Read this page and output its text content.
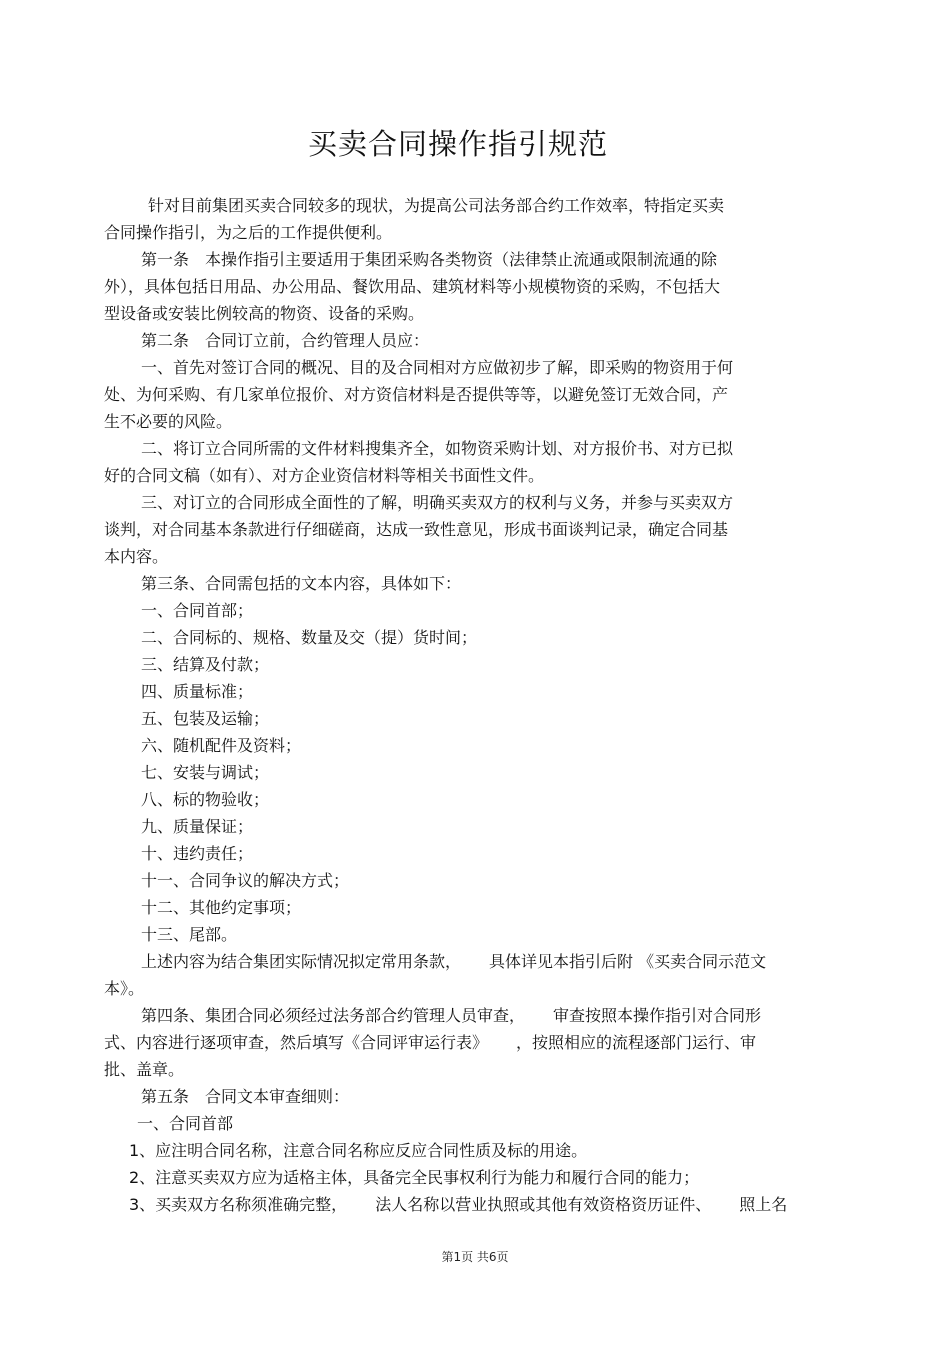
买卖合同操作指引规范
针对目前集团买卖合同较多的现状，为提高公司法务部合约工作效率，特指定买卖
合同操作指引，为之后的工作提供便利。
第一条　本操作指引主要适用于集团采购各类物资（法律禁止流通或限制流通的除
外），具体包括日用品、办公用品、餐饮用品、建筑材料等小规模物资的采购，不包括大
型设备或安装比例较高的物资、设备的采购。
第二条　合同订立前，合约管理人员应：
一、首先对签订合同的概况、目的及合同相对方应做初步了解，即采购的物资用于何
处、为何采购、有几家单位报价、对方资信材料是否提供等等，以避免签订无效合同，产
生不必要的风险。
二、将订立合同所需的文件材料搜集齐全，如物资采购计划、对方报价书、对方已拟
好的合同文稿（如有）、对方企业资信材料等相关书面性文件。
三、对订立的合同形成全面性的了解，明确买卖双方的权利与义务，并参与买卖双方
谈判，对合同基本条款进行仔细磋商，达成一致性意见，形成书面谈判记录，确定合同基
本内容。
第三条、合同需包括的文本内容，具体如下：
一、合同首部；
二、合同标的、规格、数量及交（提）货时间；
三、结算及付款；
四、质量标准；
五、包装及运输；
六、随机配件及资料；
七、安装与调试；
八、标的物验收；
九、质量保证；
十、违约责任；
十一、合同争议的解决方式；
十二、其他约定事项；
十三、尾部。
上述内容为结合集团实际情况拟定常用条款， 具体详见本指引后附 《买卖合同示范文
本》。
第四条、集团合同必须经过法务部合约管理人员审查， 审查按照本操作指引对合同形
式、内容进行逐项审查，然后填写《合同评审运行表》 ，按照相应的流程逐部门运行、审
批、盖章。
第五条　合同文本审查细则：
一、合同首部
1、应注明合同名称，注意合同名称应反应合同性质及标的用途。
2、注意买卖双方应为适格主体，具备完全民事权利行为能力和履行合同的能力；
3、买卖双方名称须准确完整， 法人名称以营业执照或其他有效资格资历证件、 照上名
第1页 共6页
